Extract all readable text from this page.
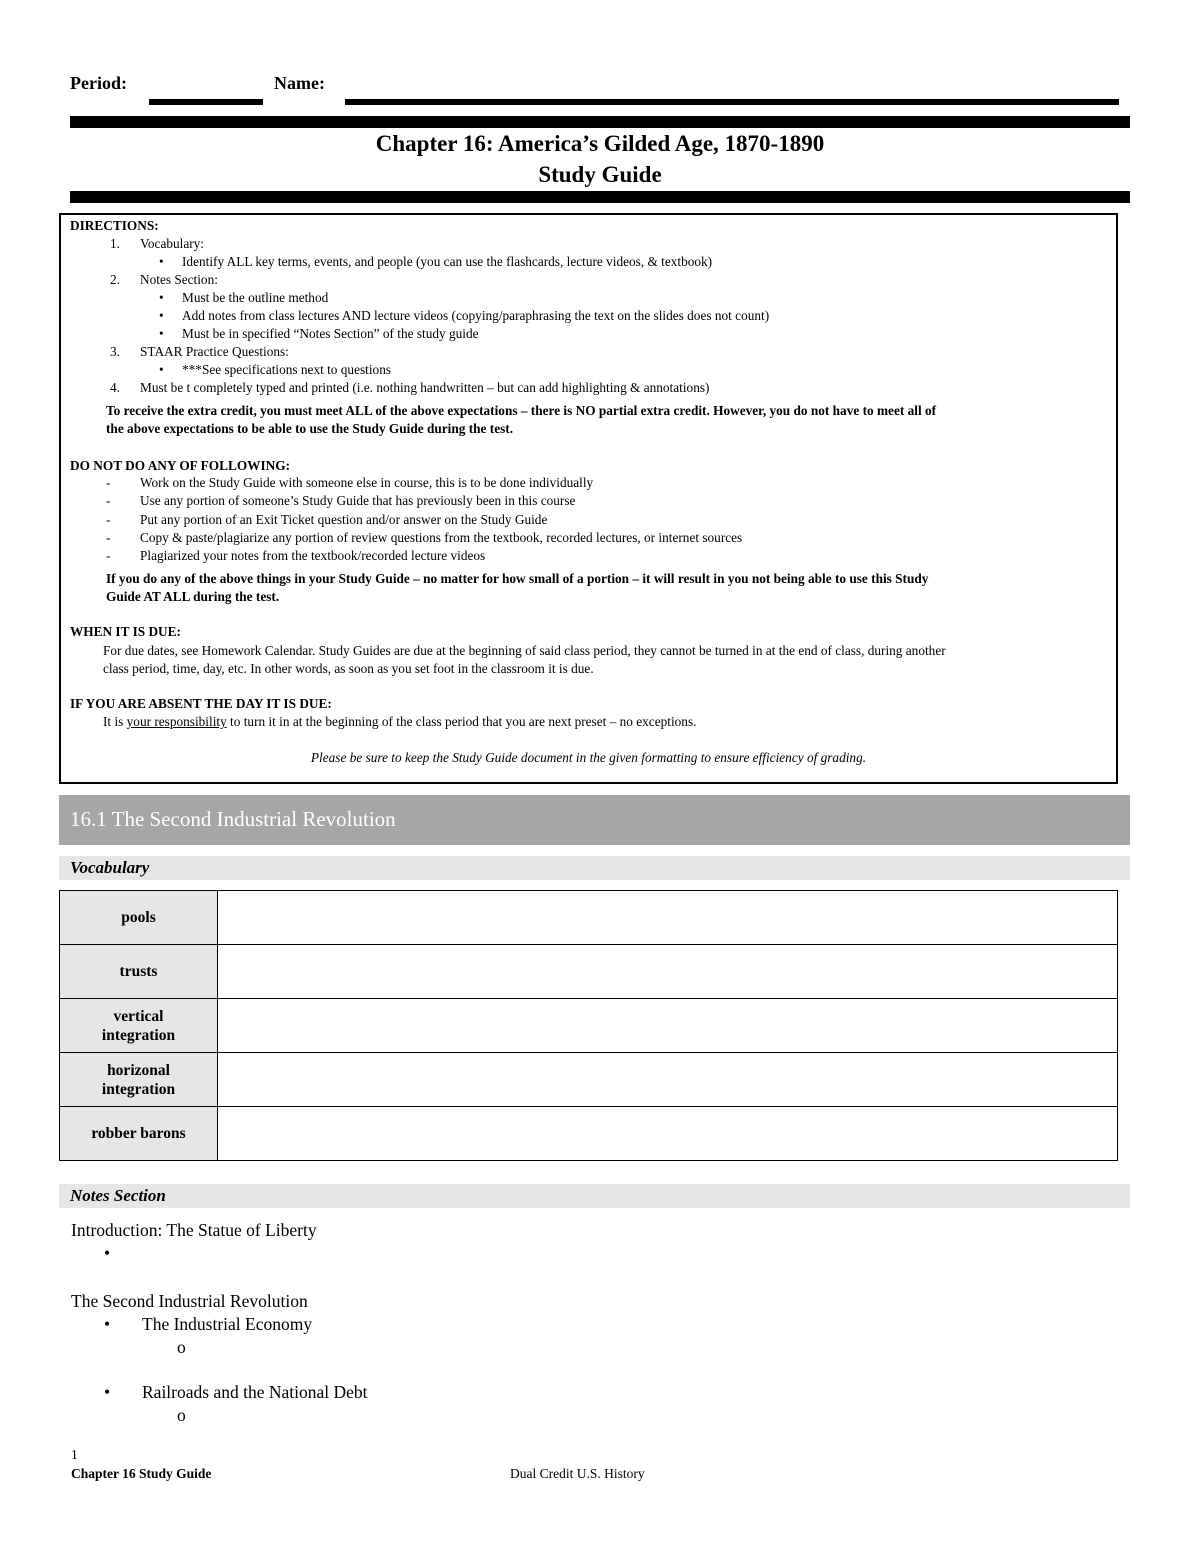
Period:	Name:
Chapter 16: America’s Gilded Age, 1870-1890
Study Guide
DIRECTIONS:
1. Vocabulary:
• Identify ALL key terms, events, and people (you can use the flashcards, lecture videos, & textbook)
2. Notes Section:
• Must be the outline method
• Add notes from class lectures AND lecture videos (copying/paraphrasing the text on the slides does not count)
• Must be in specified “Notes Section” of the study guide
3. STAAR Practice Questions:
• ***See specifications next to questions
4. Must be t completely typed and printed (i.e. nothing handwritten – but can add highlighting & annotations)
To receive the extra credit, you must meet ALL of the above expectations – there is NO partial extra credit. However, you do not have to meet all of
the above expectations to be able to use the Study Guide during the test.
DO NOT DO ANY OF FOLLOWING:
- Work on the Study Guide with someone else in course, this is to be done individually
- Use any portion of someone’s Study Guide that has previously been in this course
- Put any portion of an Exit Ticket question and/or answer on the Study Guide
- Copy & paste/plagiarize any portion of review questions from the textbook, recorded lectures, or internet sources
- Plagiarized your notes from the textbook/recorded lecture videos
If you do any of the above things in your Study Guide – no matter for how small of a portion – it will result in you not being able to use this Study
Guide AT ALL during the test.
WHEN IT IS DUE:
For due dates, see Homework Calendar. Study Guides are due at the beginning of said class period, they cannot be turned in at the end of class, during another
class period, time, day, etc. In other words, as soon as you set foot in the classroom it is due.
IF YOU ARE ABSENT THE DAY IT IS DUE:
It is your responsibility to turn it in at the beginning of the class period that you are next preset – no exceptions.
Please be sure to keep the Study Guide document in the given formatting to ensure efficiency of grading.
16.1 The Second Industrial Revolution
Vocabulary
pools	

trusts	

vertical
integration	

horizonal
integration	

robber barons	

Notes Section
Introduction: The Statue of Liberty
•
The Second Industrial Revolution
• The Industrial Economy
o
• Railroads and the National Debt
o
1
Chapter 16 Study Guide	Dual Credit U.S. History
